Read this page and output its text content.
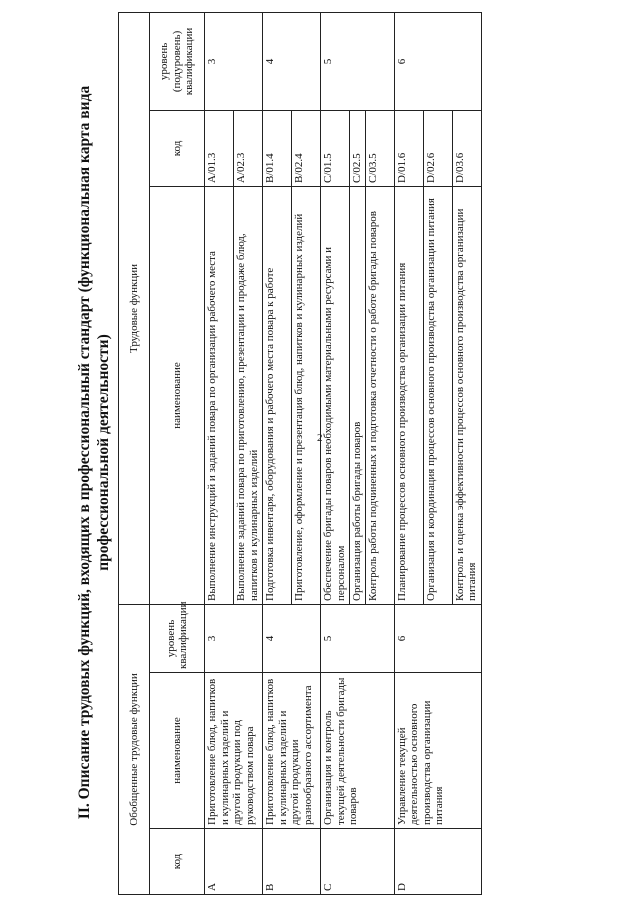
2
II. Описание трудовых функций, входящих в профессиональный стандарт (функциональная карта вида профессиональной деятельности)
Обобщенные трудовые функции			Трудовые функции		
код	наименование	уровень квалификации	наименование	код	уровень (подуровень) квалификации
A	Приготовление блюд, напитков и кулинарных изделий и другой продукции под руководством повара	3	Выполнение инструкций и заданий повара по организации рабочего места	A/01.3	3
			Выполнение заданий повара по приготовлению, презентации и продаже блюд, напитков и кулинарных изделий	A/02.3	
B	Приготовление блюд, напитков и кулинарных изделий и другой продукции разнообразного ассортимента	4	Подготовка инвентаря, оборудования и рабочего места повара к работе	B/01.4	4
			Приготовление, оформление и презентация блюд, напитков и кулинарных изделий	B/02.4	
C	Организация и контроль текущей деятельности бригады поваров	5	Обеспечение бригады поваров необходимыми материальными ресурсами и персоналом	C/01.5	5
			Организация работы бригады поваров	C/02.5	
			Контроль работы подчиненных и подготовка отчетности о работе бригады поваров	C/03.5	
D	Управление текущей деятельностью основного производства организации питания	6	Планирование процессов основного производства организации питания	D/01.6	6
			Организация и координация процессов основного производства организации питания	D/02.6	
			Контроль и оценка эффективности процессов основного производства организации питания	D/03.6	
